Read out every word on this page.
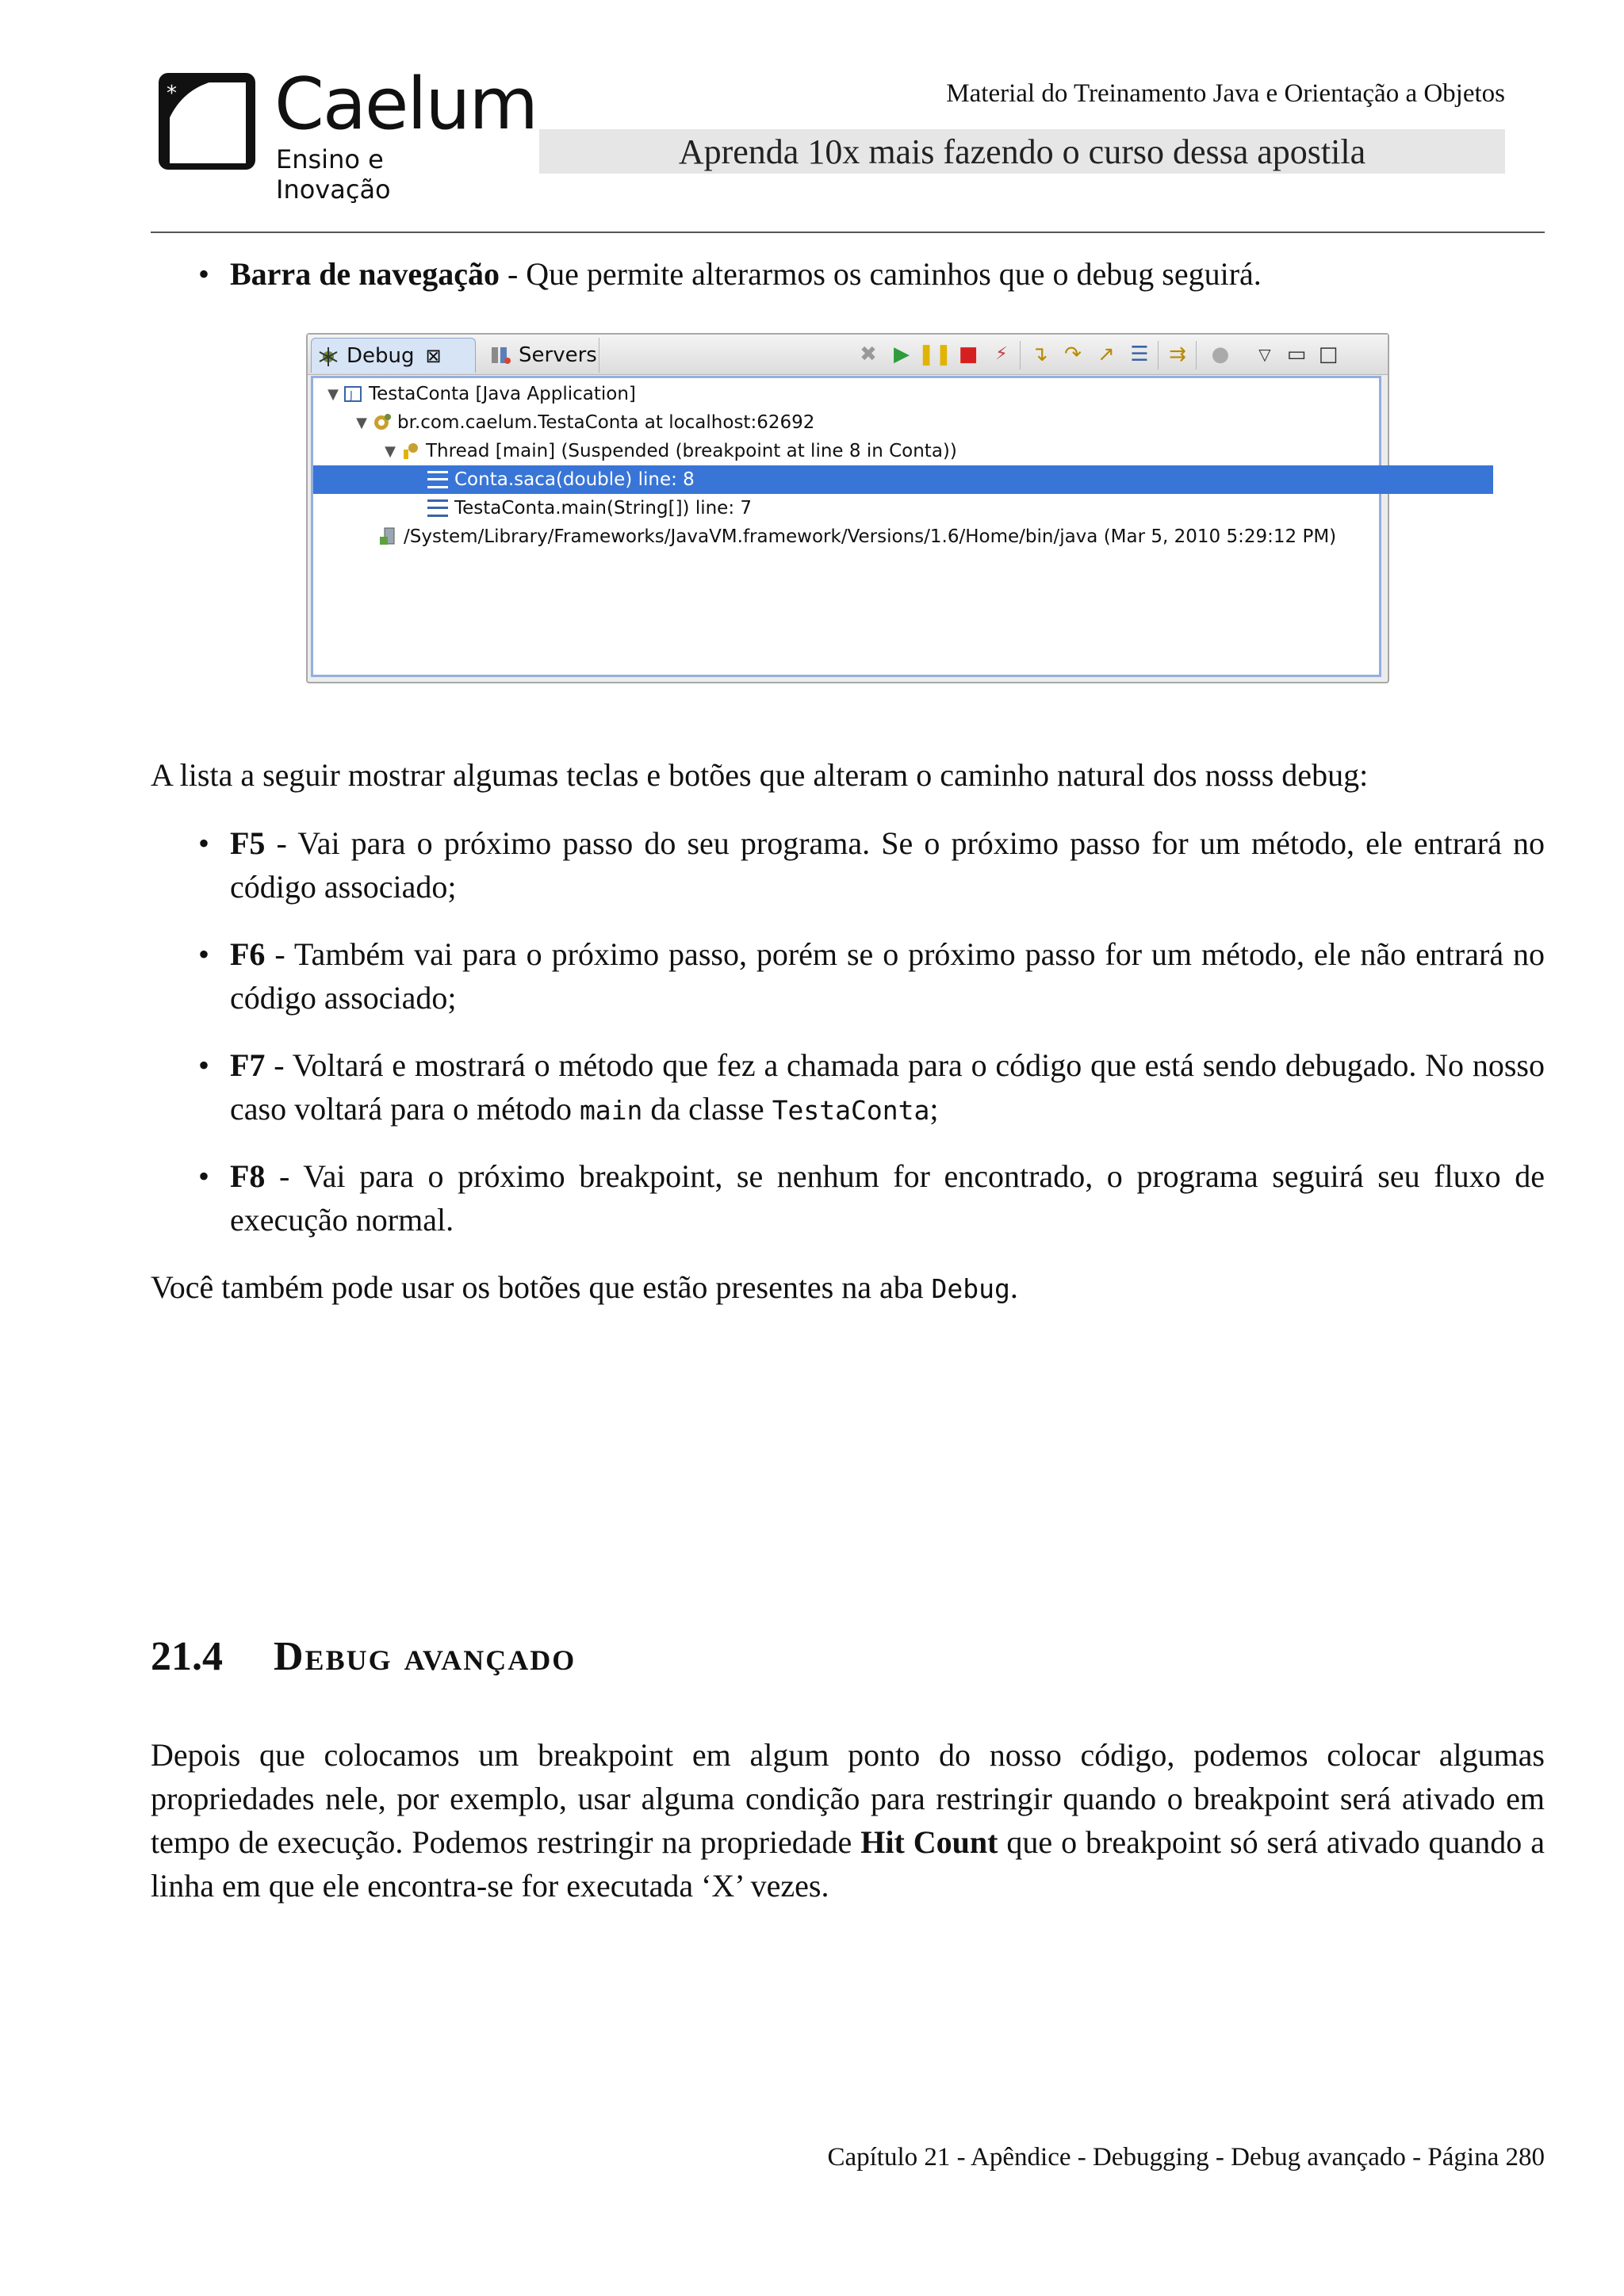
* Caelum
Ensino e Inovação
Material do Treinamento Java e Orientação a Objetos
Aprenda 10x mais fazendo o curso dessa apostila
• Barra de navegação - Que permite alterarmos os caminhos que o debug seguirá.
Debug ⊠	Servers	✖ ▶ ❚❚ ■ ⚡	↴ ↷ ↗ ☰ ⇉ ●	▽ ▭ □
▼	J TestaConta [Java Application]
▼ br.com.caelum.TestaConta at localhost:62692
▼ Thread [main] (Suspended (breakpoint at line 8 in Conta))
Conta.saca(double) line: 8
TestaConta.main(String[]) line: 7
/System/Library/Frameworks/JavaVM.framework/Versions/1.6/Home/bin/java (Mar 5, 2010 5:29:12 PM)
A lista a seguir mostrar algumas teclas e botões que alteram o caminho natural dos nosss debug:
• F5 - Vai para o próximo passo do seu programa. Se o próximo passo for um método, ele entrará no código associado;
• F6 - Também vai para o próximo passo, porém se o próximo passo for um método, ele não entrará no código associado;
• F7 - Voltará e mostrará o método que fez a chamada para o código que está sendo debugado. No nosso caso voltará para o método main da classe TestaConta;
• F8 - Vai para o próximo breakpoint, se nenhum for encontrado, o programa seguirá seu fluxo de execução normal.
Você também pode usar os botões que estão presentes na aba Debug.
21.4 Debug avançado
Depois que colocamos um breakpoint em algum ponto do nosso código, podemos colocar algumas propriedades nele, por exemplo, usar alguma condição para restringir quando o breakpoint será ativado em tempo de execução. Podemos restringir na propriedade Hit Count que o breakpoint só será ativado quando a linha em que ele encontra-se for executada ‘X’ vezes.
Capítulo 21 - Apêndice - Debugging - Debug avançado - Página 280
